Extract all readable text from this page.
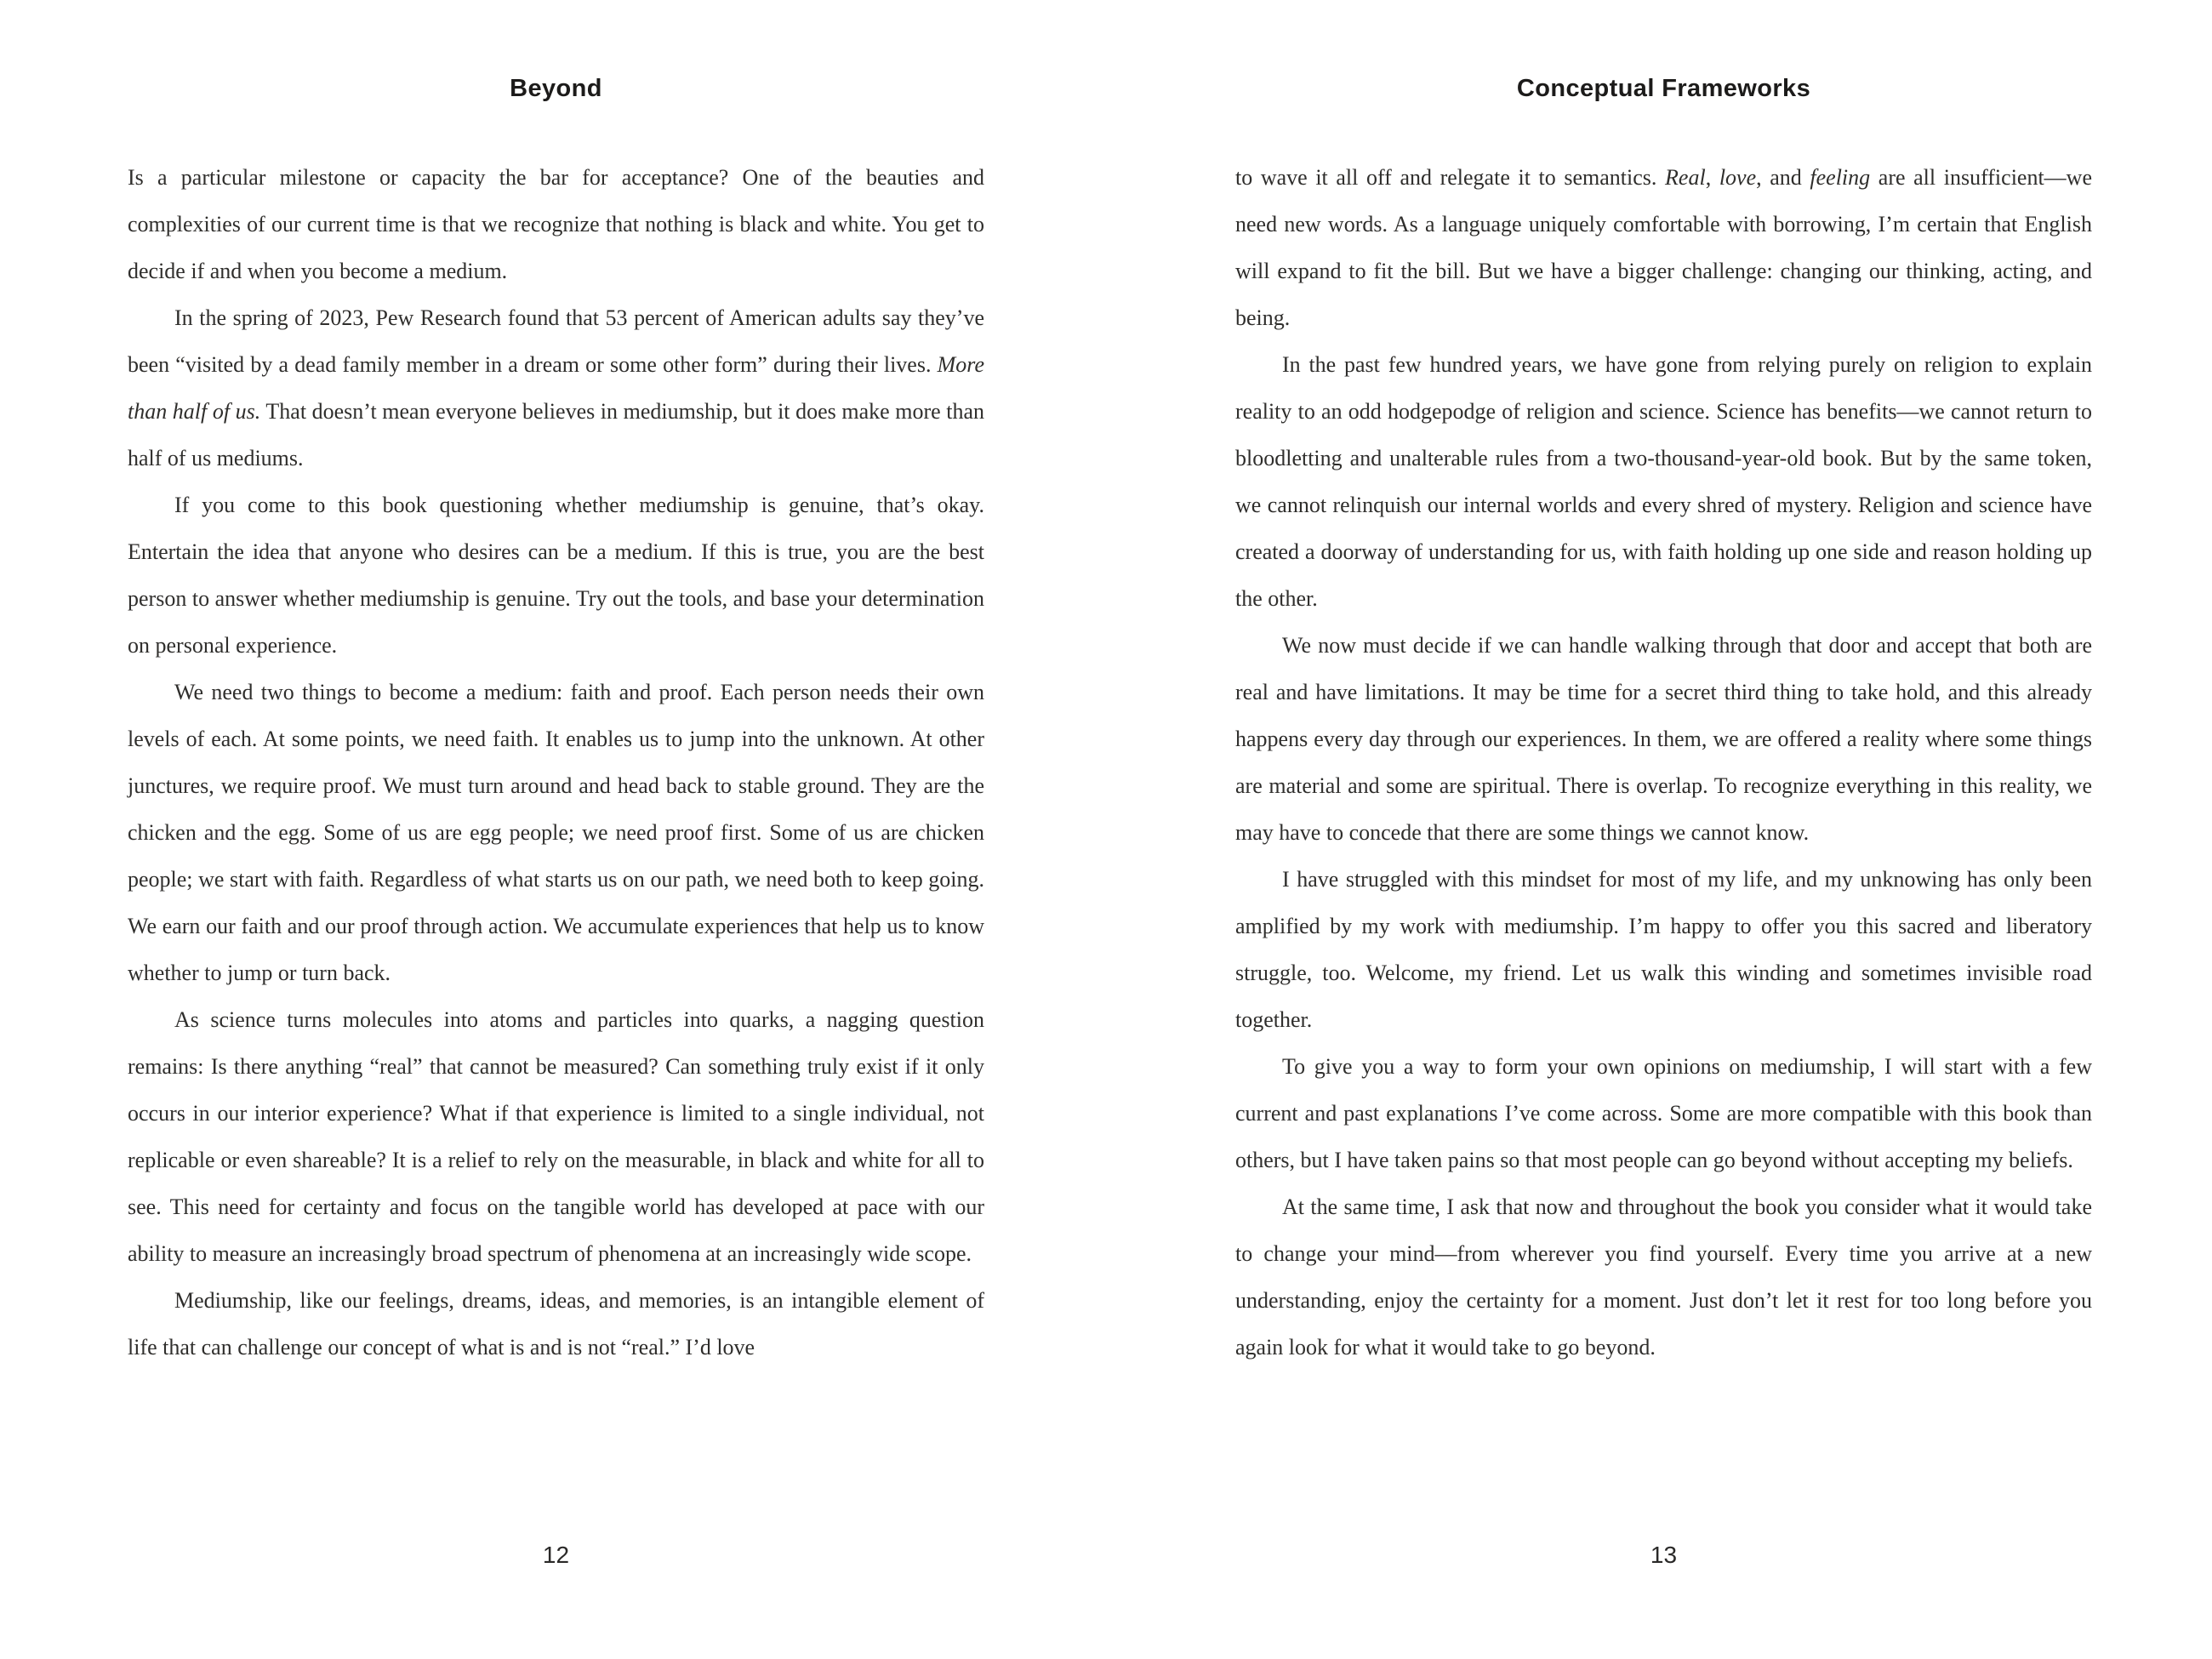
Beyond

Is a particular milestone or capacity the bar for acceptance? One of the beauties and complexities of our current time is that we recognize that nothing is black and white. You get to decide if and when you become a medium.

In the spring of 2023, Pew Research found that 53 percent of American adults say they’ve been “visited by a dead family member in a dream or some other form” during their lives. More than half of us. That doesn’t mean everyone believes in mediumship, but it does make more than half of us mediums.

If you come to this book questioning whether mediumship is genuine, that’s okay. Entertain the idea that anyone who desires can be a medium. If this is true, you are the best person to answer whether mediumship is genuine. Try out the tools, and base your determination on personal experience.

We need two things to become a medium: faith and proof. Each person needs their own levels of each. At some points, we need faith. It enables us to jump into the unknown. At other junctures, we require proof. We must turn around and head back to stable ground. They are the chicken and the egg. Some of us are egg people; we need proof first. Some of us are chicken people; we start with faith. Regardless of what starts us on our path, we need both to keep going. We earn our faith and our proof through action. We accumulate experiences that help us to know whether to jump or turn back.

As science turns molecules into atoms and particles into quarks, a nagging question remains: Is there anything “real” that cannot be measured? Can something truly exist if it only occurs in our interior experience? What if that experience is limited to a single individual, not replicable or even shareable? It is a relief to rely on the measurable, in black and white for all to see. This need for certainty and focus on the tangible world has developed at pace with our ability to measure an increasingly broad spectrum of phenomena at an increasingly wide scope.

Mediumship, like our feelings, dreams, ideas, and memories, is an intangible element of life that can challenge our concept of what is and is not “real.” I’d love

12
Conceptual Frameworks

to wave it all off and relegate it to semantics. Real, love, and feeling are all insufficient—we need new words. As a language uniquely comfortable with borrowing, I’m certain that English will expand to fit the bill. But we have a bigger challenge: changing our thinking, acting, and being.

In the past few hundred years, we have gone from relying purely on religion to explain reality to an odd hodgepodge of religion and science. Science has benefits—we cannot return to bloodletting and unalterable rules from a two-thousand-year-old book. But by the same token, we cannot relinquish our internal worlds and every shred of mystery. Religion and science have created a doorway of understanding for us, with faith holding up one side and reason holding up the other.

We now must decide if we can handle walking through that door and accept that both are real and have limitations. It may be time for a secret third thing to take hold, and this already happens every day through our experiences. In them, we are offered a reality where some things are material and some are spiritual. There is overlap. To recognize everything in this reality, we may have to concede that there are some things we cannot know.

I have struggled with this mindset for most of my life, and my unknowing has only been amplified by my work with mediumship. I’m happy to offer you this sacred and liberatory struggle, too. Welcome, my friend. Let us walk this winding and sometimes invisible road together.

To give you a way to form your own opinions on mediumship, I will start with a few current and past explanations I’ve come across. Some are more compatible with this book than others, but I have taken pains so that most people can go beyond without accepting my beliefs.

At the same time, I ask that now and throughout the book you consider what it would take to change your mind—from wherever you find yourself. Every time you arrive at a new understanding, enjoy the certainty for a moment. Just don’t let it rest for too long before you again look for what it would take to go beyond.

13
